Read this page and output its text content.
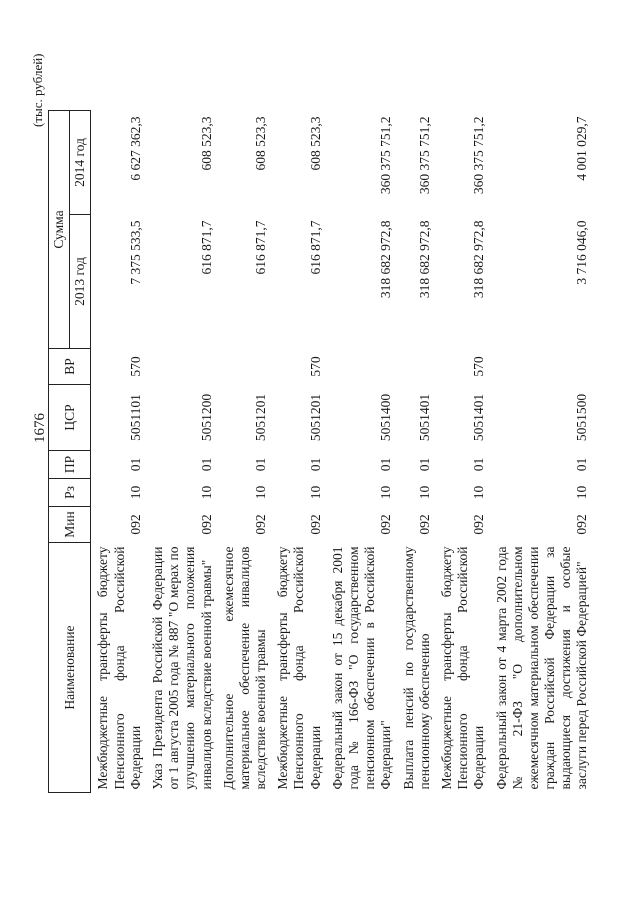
1676
(тыс. рублей)
Наименование	Мин	Рз	ПР	ЦСР	ВР	Сумма	
						2013 год	2014 год
Межбюджетные трансферты бюджету Пенсионного фонда Российской Федерации	092	10	01	5051101	570	7 375 533,5	6 627 362,3
Указ Президента Российской Федерации от 1 августа 2005 года № 887 "О мерах по улучшению материального положения инвалидов вследствие военной травмы"	092	10	01	5051200		616 871,7	608 523,3
Дополнительное ежемесячное материальное обеспечение инвалидов вследствие военной травмы	092	10	01	5051201		616 871,7	608 523,3
Межбюджетные трансферты бюджету Пенсионного фонда Российской Федерации	092	10	01	5051201	570	616 871,7	608 523,3
Федеральный закон от 15 декабря 2001 года № 166-ФЗ "О государственном пенсионном обеспечении в Российской Федерации"	092	10	01	5051400		318 682 972,8	360 375 751,2
Выплата пенсий по государственному пенсионному обеспечению	092	10	01	5051401		318 682 972,8	360 375 751,2
Межбюджетные трансферты бюджету Пенсионного фонда Российской Федерации	092	10	01	5051401	570	318 682 972,8	360 375 751,2
Федеральный закон от 4 марта 2002 года № 21-ФЗ "О дополнительном ежемесячном материальном обеспечении граждан Российской Федерации за выдающиеся достижения и особые заслуги перед Российской Федерацией"	092	10	01	5051500		3 716 046,0	4 001 029,7
